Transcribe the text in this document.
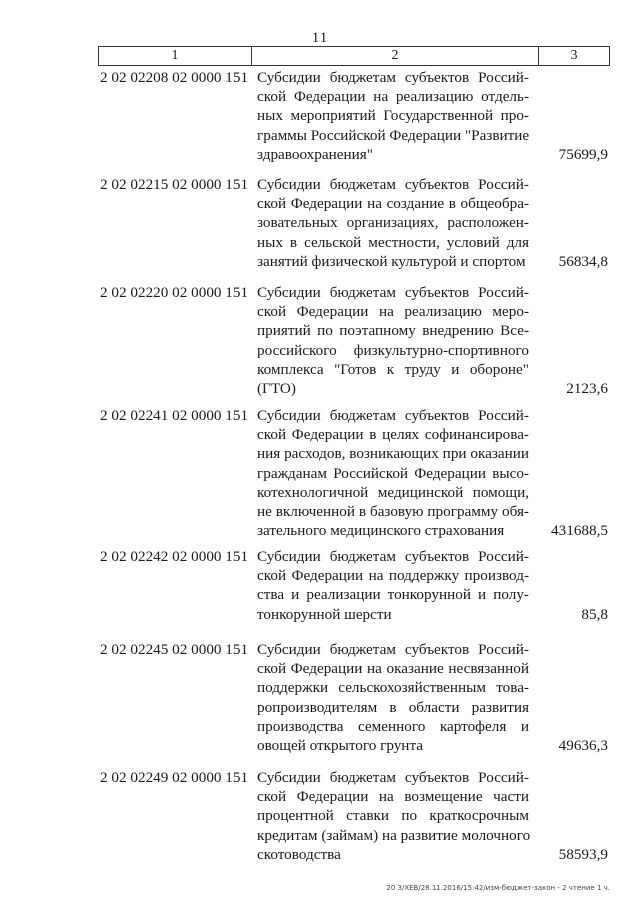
11
1	2	3
2 02 02208 02 0000 151 Субсидии бюджетам субъектов Россий-
ской Федерации на реализацию отдель-
ных мероприятий Государственной про-
граммы Российской Федерации "Развитие
здравоохранения"	75699,9
2 02 02215 02 0000 151 Субсидии бюджетам субъектов Россий-
ской Федерации на создание в общеобра-
зовательных организациях, расположен-
ных в сельской местности, условий для
занятий физической культурой и спортом 56834,8
2 02 02220 02 0000 151 Субсидии бюджетам субъектов Россий-
ской Федерации на реализацию меро-
приятий по поэтапному внедрению Все-
российского физкультурно-спортивного
комплекса "Готов к труду и обороне"
(ГТО)	2123,6
2 02 02241 02 0000 151 Субсидии бюджетам субъектов Россий-
ской Федерации в целях софинансирова-
ния расходов, возникающих при оказании
гражданам Российской Федерации высо-
котехнологичной медицинской помощи,
не включенной в базовую программу обя-
зательного медицинского страхования	431688,5
2 02 02242 02 0000 151 Субсидии бюджетам субъектов Россий-
ской Федерации на поддержку производ-
ства и реализации тонкорунной и полу-
тонкорунной шерсти	85,8
2 02 02245 02 0000 151 Субсидии бюджетам субъектов Россий-
ской Федерации на оказание несвязанной
поддержки сельскохозяйственным това-
ропроизводителям в области развития
производства семенного картофеля и
овощей открытого грунта	49636,3
2 02 02249 02 0000 151 Субсидии бюджетам субъектов Россий-
ской Федерации на возмещение части
процентной ставки по краткосрочным
кредитам (займам) на развитие молочного
скотоводства	58593,9
20 3/ХЕВ/28.11.2016/15:42/изм-бюджет-закон - 2 чтение 1 ч.
